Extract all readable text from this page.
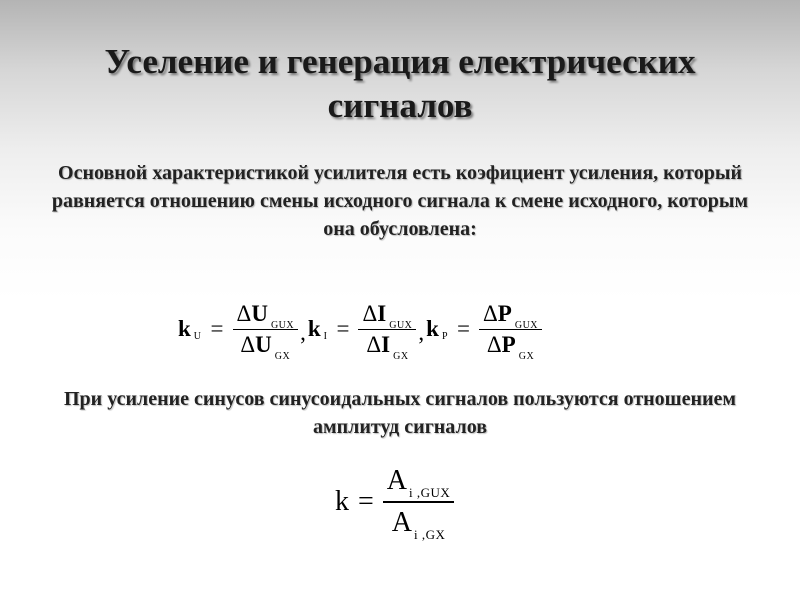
Уселение и генерация електрических сигналов
Основной характеристикой усилителя есть коэфициент усиления, который равняется отношению смены исходного сигнала к смене исходного, которым она обусловлена:
k $U = \frac{\Delta U _{GUX}}{\Delta U _{GX}}$ , k $I = \frac{\Delta I _{GUX}}{\Delta I _{GX}}$ , k $P = \frac{\Delta P _{GUX}}{\Delta P _{GX}}$
При усиление синусов синусоидальных сигналов пользуются отношением амплитуд сигналов
$k = \frac{A _{i ,GUX}}{A _{i ,GX}}$
